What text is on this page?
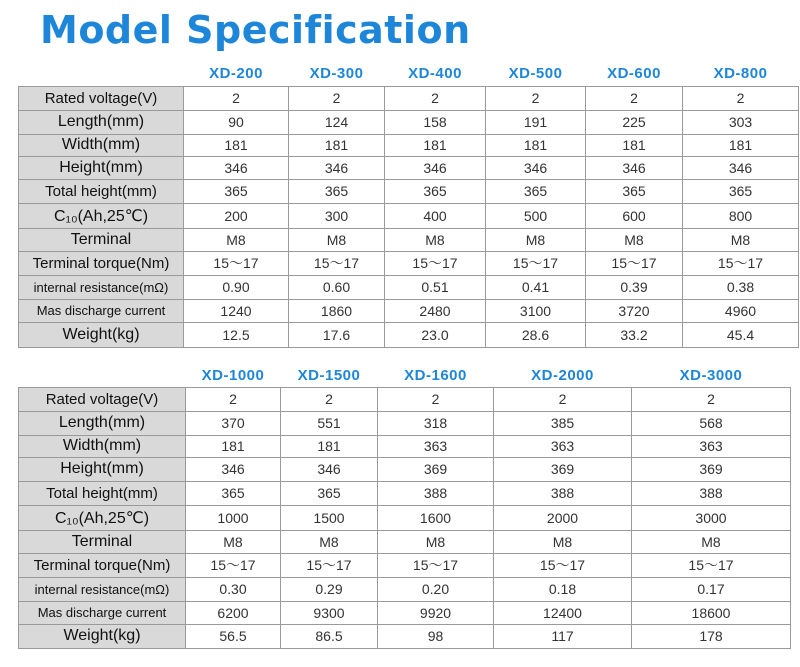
Model Specification
	XD-200	XD-300	XD-400	XD-500	XD-600	XD-800
Rated voltage(V)	2	2	2	2	2	2
Length(mm)	90	124	158	191	225	303
Width(mm)	181	181	181	181	181	181
Height(mm)	346	346	346	346	346	346
Total height(mm)	365	365	365	365	365	365
C₁₀(Ah,25℃)	200	300	400	500	600	800
Terminal	M8	M8	M8	M8	M8	M8
Terminal torque(Nm)	15～17	15～17	15～17	15～17	15～17	15～17
internal resistance(mΩ)	0.90	0.60	0.51	0.41	0.39	0.38
Mas discharge current	1240	1860	2480	3100	3720	4960
Weight(kg)	12.5	17.6	23.0	28.6	33.2	45.4
	XD-1000	XD-1500	XD-1600	XD-2000	XD-3000
Rated voltage(V)	2	2	2	2	2
Length(mm)	370	551	318	385	568
Width(mm)	181	181	363	363	363
Height(mm)	346	346	369	369	369
Total height(mm)	365	365	388	388	388
C₁₀(Ah,25℃)	1000	1500	1600	2000	3000
Terminal	M8	M8	M8	M8	M8
Terminal torque(Nm)	15～17	15～17	15～17	15～17	15～17
internal resistance(mΩ)	0.30	0.29	0.20	0.18	0.17
Mas discharge current	6200	9300	9920	12400	18600
Weight(kg)	56.5	86.5	98	117	178
